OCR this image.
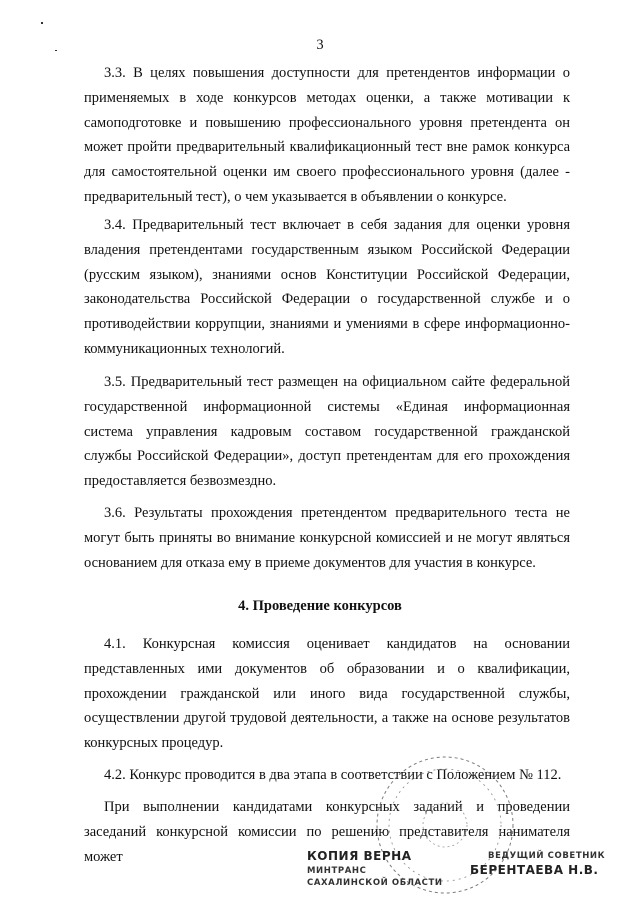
3

3.3. В целях повышения доступности для претендентов информации о применяемых в ходе конкурсов методах оценки, а также мотивации к самоподготовке и повышению профессионального уровня претендента он может пройти предварительный квалификационный тест вне рамок конкурса для самостоятельной оценки им своего профессионального уровня (далее - предварительный тест), о чем указывается в объявлении о конкурсе.

3.4. Предварительный тест включает в себя задания для оценки уровня владения претендентами государственным языком Российской Федерации (русским языком), знаниями основ Конституции Российской Федерации, законодательства Российской Федерации о государственной службе и о противодействии коррупции, знаниями и умениями в сфере информационно-коммуникационных технологий.

3.5. Предварительный тест размещен на официальном сайте федеральной государственной информационной системы «Единая информационная система управления кадровым составом государственной гражданской службы Российской Федерации», доступ претендентам для его прохождения предоставляется безвозмездно.

3.6. Результаты прохождения претендентом предварительного теста не могут быть приняты во внимание конкурсной комиссией и не могут являться основанием для отказа ему в приеме документов для участия в конкурсе.

4. Проведение конкурсов

4.1. Конкурсная комиссия оценивает кандидатов на основании представленных ими документов об образовании и о квалификации, прохождении гражданской или иного вида государственной службы, осуществлении другой трудовой деятельности, а также на основе результатов конкурсных процедур.

4.2. Конкурс проводится в два этапа в соответствии с Положением № 112.

При выполнении кандидатами конкурсных заданий и проведении заседаний конкурсной комиссии по решению представителя нанимателя может	КОПИЯ ВЕРНА
МИНТРАНС
САХАЛИНСКОЙ ОБЛАСТИ
ВЕДУЩИЙ СОВЕТНИК
БЕРЕНТАЕВА Н.В.
